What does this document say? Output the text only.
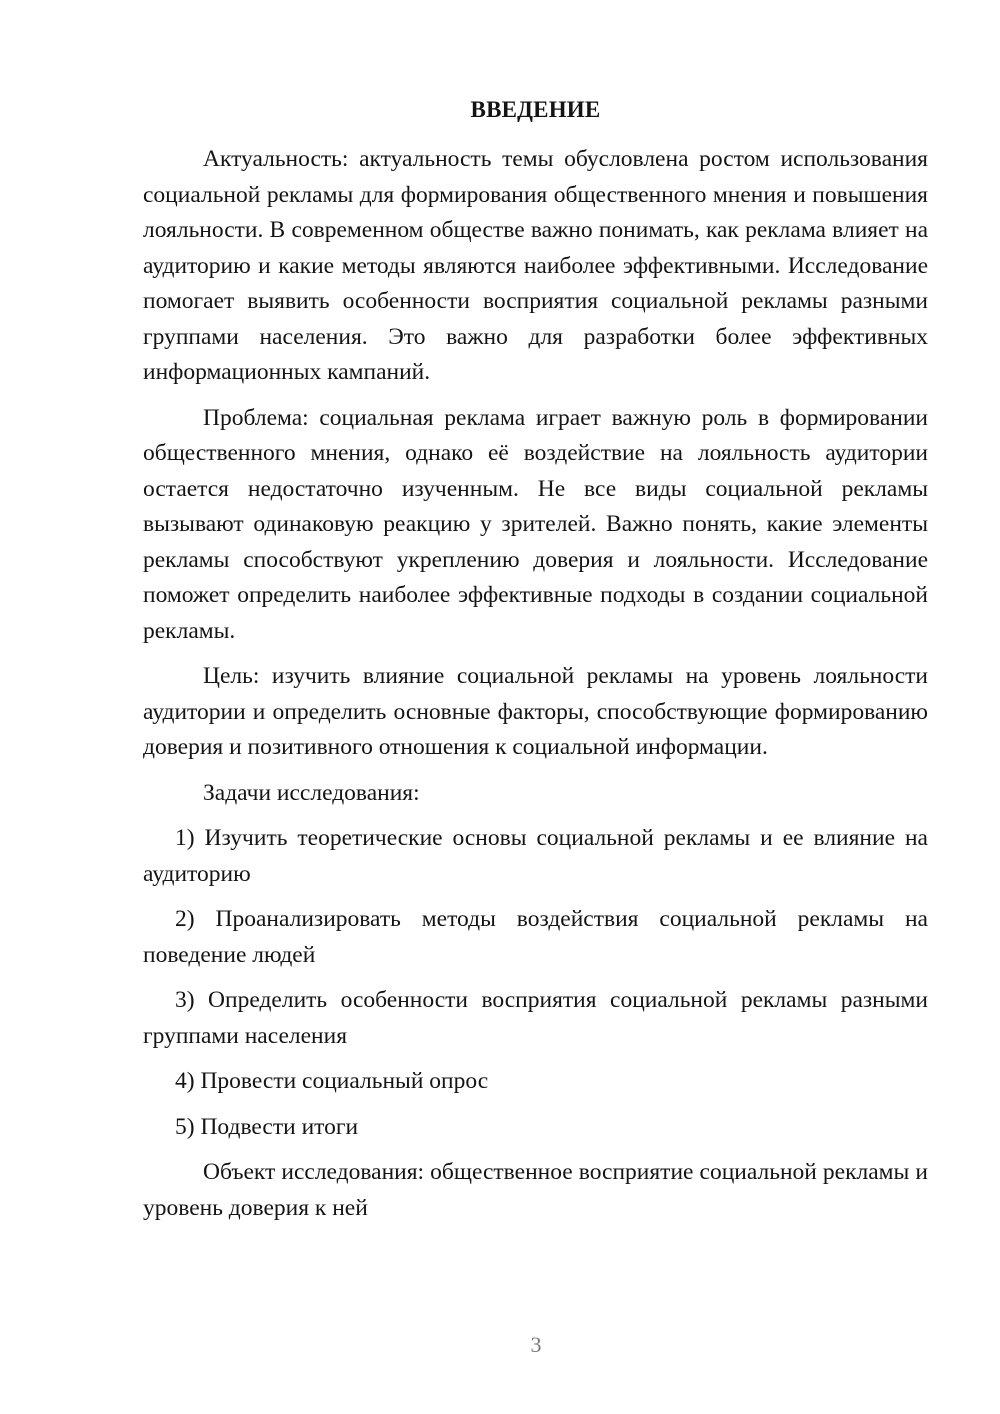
ВВЕДЕНИЕ

Актуальность: актуальность темы обусловлена ростом использования социальной рекламы для формирования общественного мнения и повышения лояльности. В современном обществе важно понимать, как реклама влияет на аудиторию и какие методы являются наиболее эффективными. Исследование помогает выявить особенности восприятия социальной рекламы разными группами населения. Это важно для разработки более эффективных информационных кампаний.

Проблема: социальная реклама играет важную роль в формировании общественного мнения, однако её воздействие на лояльность аудитории остается недостаточно изученным. Не все виды социальной рекламы вызывают одинаковую реакцию у зрителей. Важно понять, какие элементы рекламы способствуют укреплению доверия и лояльности. Исследование поможет определить наиболее эффективные подходы в создании социальной рекламы.

Цель: изучить влияние социальной рекламы на уровень лояльности аудитории и определить основные факторы, способствующие формированию доверия и позитивного отношения к социальной информации.

Задачи исследования:

1) Изучить теоретические основы социальной рекламы и ее влияние на аудиторию

2) Проанализировать методы воздействия социальной рекламы на поведение людей

3) Определить особенности восприятия социальной рекламы разными группами населения

4) Провести социальный опрос

5) Подвести итоги

Объект исследования: общественное восприятие социальной рекламы и уровень доверия к ней

3
